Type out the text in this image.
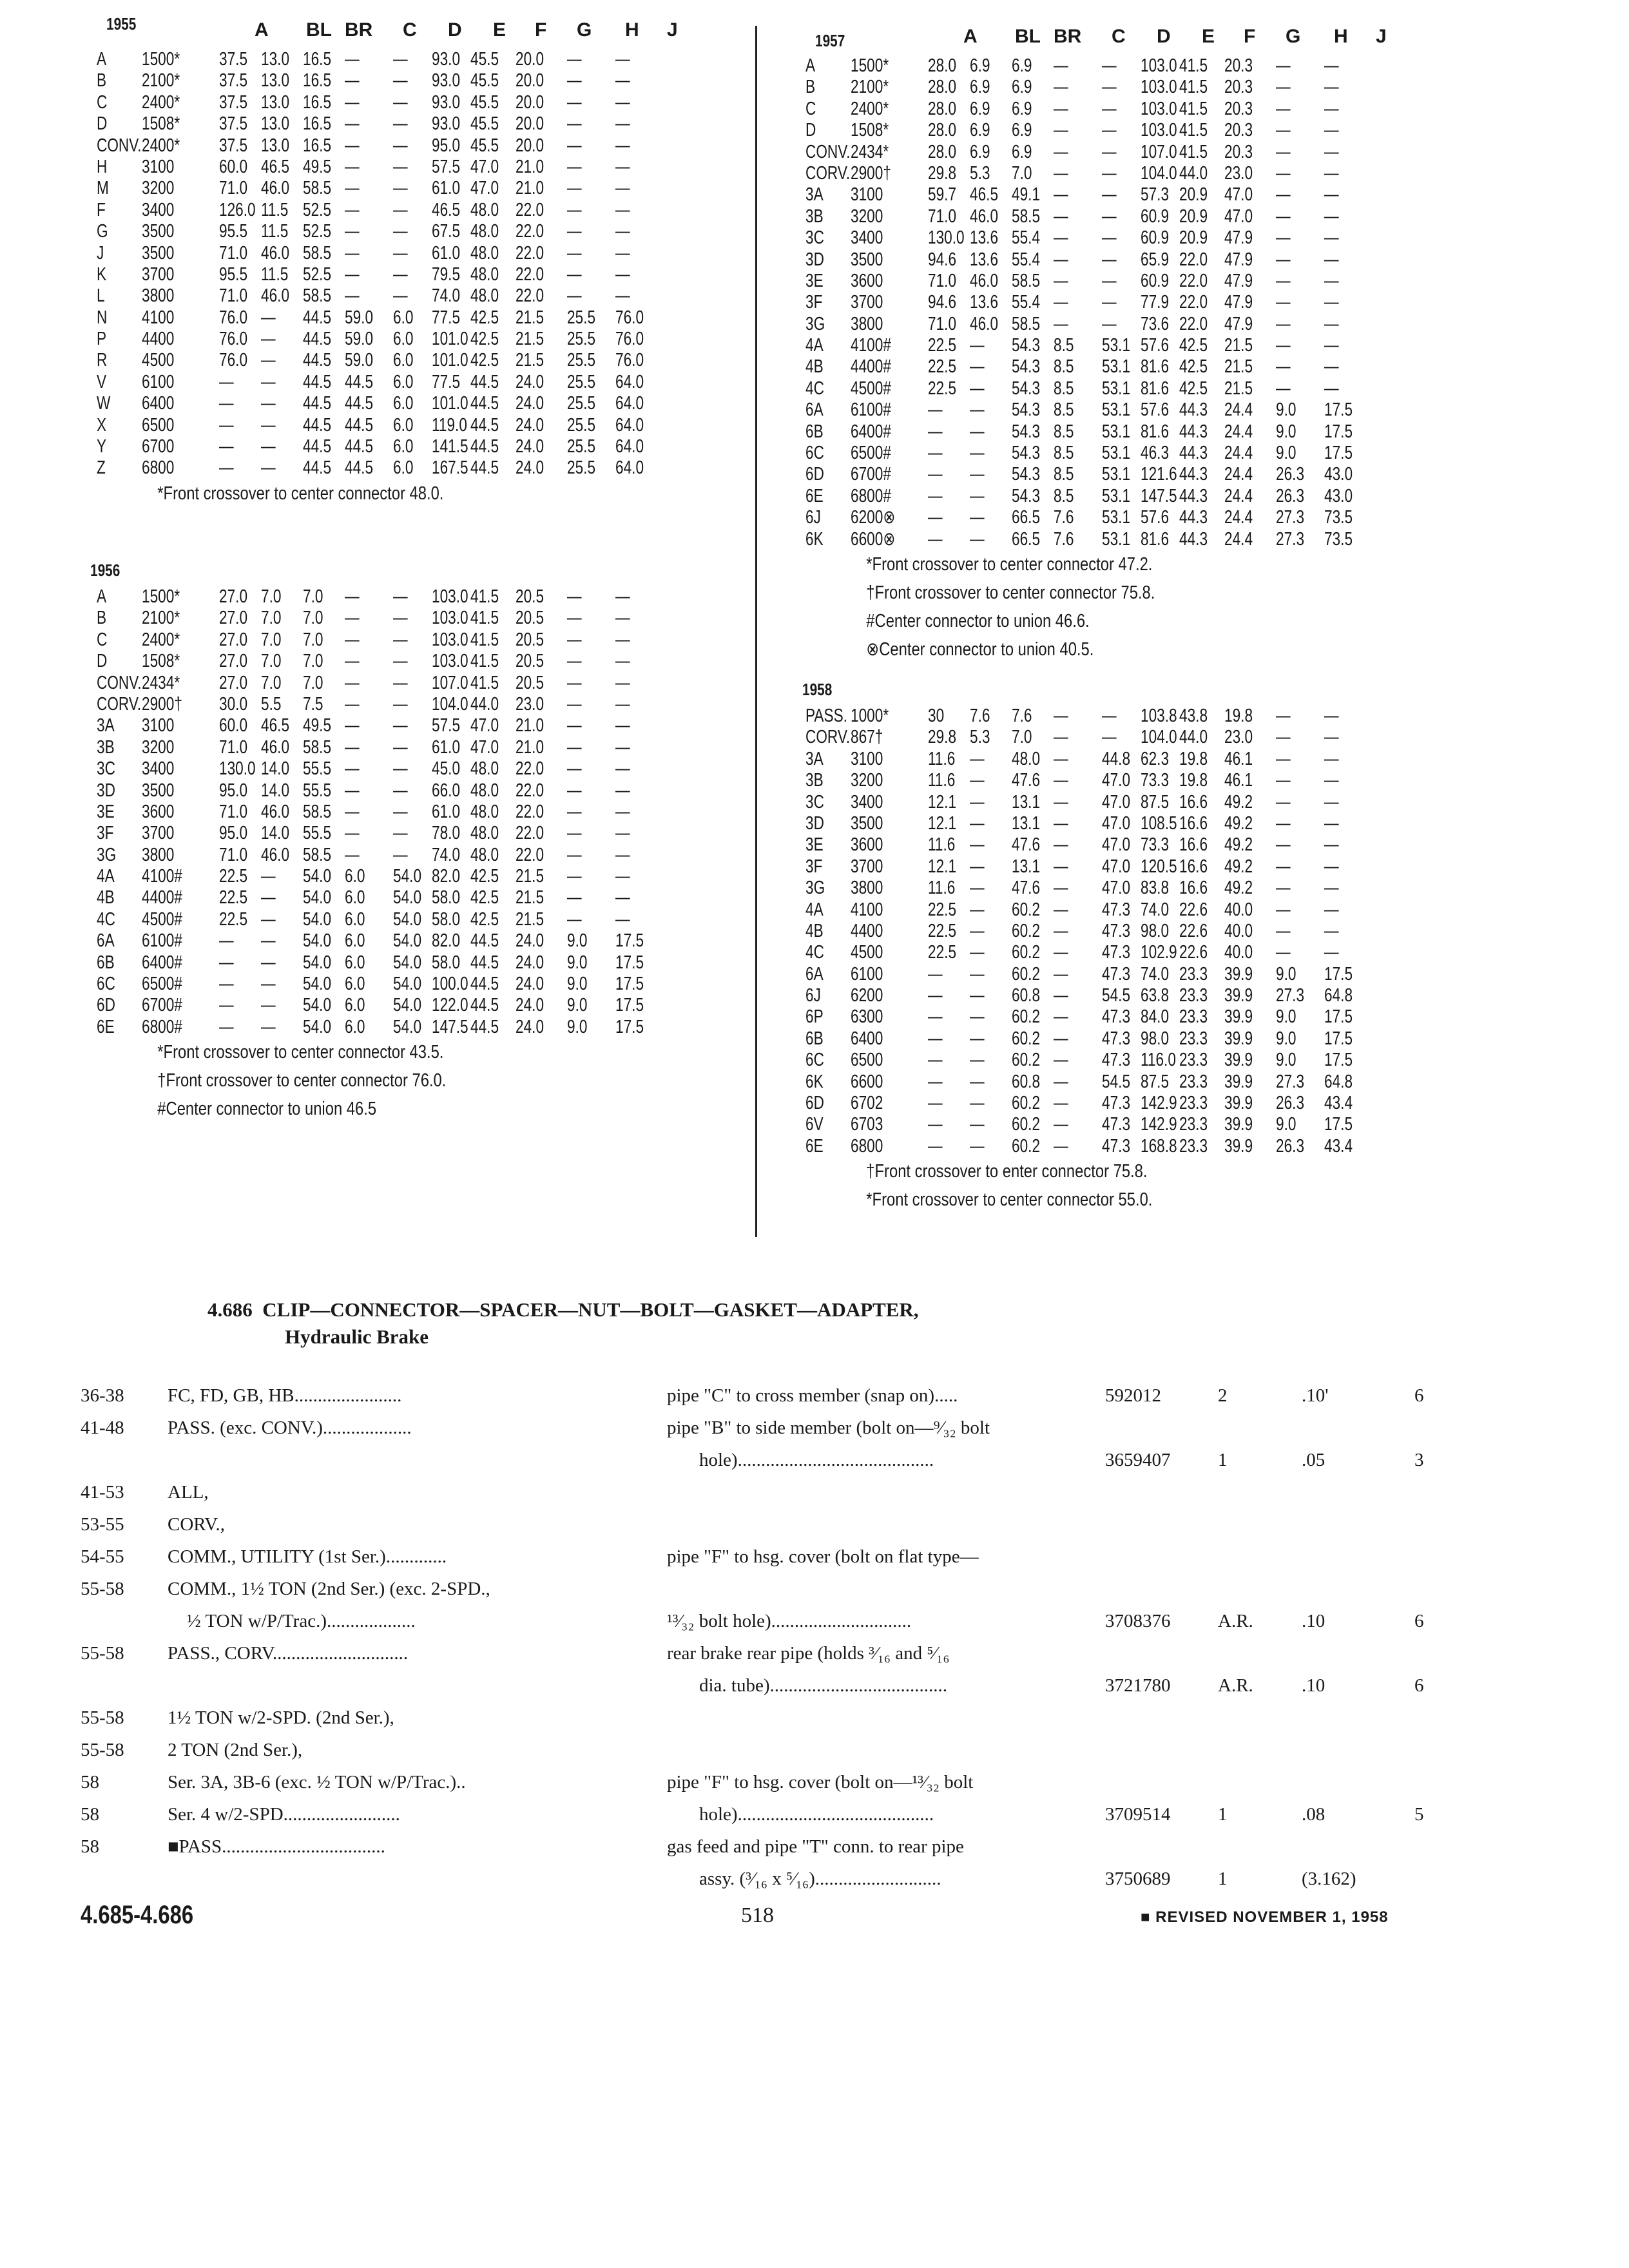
1955	A BL BR C D E F G H J
A 1500* 37.5 13.0 16.5 — — 93.0 45.5 20.0 — —
B 2100* 37.5 13.0 16.5 — — 93.0 45.5 20.0 — —
C 2400* 37.5 13.0 16.5 — — 93.0 45.5 20.0 — —
D 1508* 37.5 13.0 16.5 — — 93.0 45.5 20.0 — —
CONV. 2400* 37.5 13.0 16.5 — — 95.0 45.5 20.0 — —
H 3100 60.0 46.5 49.5 — — 57.5 47.0 21.0 — —
M 3200 71.0 46.0 58.5 — — 61.0 47.0 21.0 — —
F 3400 126.0 11.5 52.5 — — 46.5 48.0 22.0 — —
G 3500 95.5 11.5 52.5 — — 67.5 48.0 22.0 — —
J 3500 71.0 46.0 58.5 — — 61.0 48.0 22.0 — —
K 3700 95.5 11.5 52.5 — — 79.5 48.0 22.0 — —
L 3800 71.0 46.0 58.5 — — 74.0 48.0 22.0 — —
N 4100 76.0 — 44.5 59.0 6.0 77.5 42.5 21.5 25.5 76.0
P 4400 76.0 — 44.5 59.0 6.0 101.0 42.5 21.5 25.5 76.0
R 4500 76.0 — 44.5 59.0 6.0 101.0 42.5 21.5 25.5 76.0
V 6100 — — 44.5 44.5 6.0 77.5 44.5 24.0 25.5 64.0
W 6400 — — 44.5 44.5 6.0 101.0 44.5 24.0 25.5 64.0
X 6500 — — 44.5 44.5 6.0 119.0 44.5 24.0 25.5 64.0
Y 6700 — — 44.5 44.5 6.0 141.5 44.5 24.0 25.5 64.0
Z 6800 — — 44.5 44.5 6.0 167.5 44.5 24.0 25.5 64.0
*Front crossover to center connector 48.0.
1956
A 1500* 27.0 7.0 7.0 — — 103.0 41.5 20.5 — —
B 2100* 27.0 7.0 7.0 — — 103.0 41.5 20.5 — —
C 2400* 27.0 7.0 7.0 — — 103.0 41.5 20.5 — —
D 1508* 27.0 7.0 7.0 — — 103.0 41.5 20.5 — —
CONV. 2434* 27.0 7.0 7.0 — — 107.0 41.5 20.5 — —
CORV. 2900† 30.0 5.5 7.5 — — 104.0 44.0 23.0 — —
3A 3100 60.0 46.5 49.5 — — 57.5 47.0 21.0 — —
3B 3200 71.0 46.0 58.5 — — 61.0 47.0 21.0 — —
3C 3400 130.0 14.0 55.5 — — 45.0 48.0 22.0 — —
3D 3500 95.0 14.0 55.5 — — 66.0 48.0 22.0 — —
3E 3600 71.0 46.0 58.5 — — 61.0 48.0 22.0 — —
3F 3700 95.0 14.0 55.5 — — 78.0 48.0 22.0 — —
3G 3800 71.0 46.0 58.5 — — 74.0 48.0 22.0 — —
4A 4100# 22.5 — 54.0 6.0 54.0 82.0 42.5 21.5 — —
4B 4400# 22.5 — 54.0 6.0 54.0 58.0 42.5 21.5 — —
4C 4500# 22.5 — 54.0 6.0 54.0 58.0 42.5 21.5 — —
6A 6100# — — 54.0 6.0 54.0 82.0 44.5 24.0 9.0 17.5
6B 6400# — — 54.0 6.0 54.0 58.0 44.5 24.0 9.0 17.5
6C 6500# — — 54.0 6.0 54.0 100.0 44.5 24.0 9.0 17.5
6D 6700# — — 54.0 6.0 54.0 122.0 44.5 24.0 9.0 17.5
6E 6800# — — 54.0 6.0 54.0 147.5 44.5 24.0 9.0 17.5
*Front crossover to center connector 43.5.
†Front crossover to center connector 76.0.
#Center connector to union 46.5
1957	A BL BR C D E F G H J
A 1500* 28.0 6.9 6.9 — — 103.0 41.5 20.3 — —
B 2100* 28.0 6.9 6.9 — — 103.0 41.5 20.3 — —
C 2400* 28.0 6.9 6.9 — — 103.0 41.5 20.3 — —
D 1508* 28.0 6.9 6.9 — — 103.0 41.5 20.3 — —
CONV. 2434* 28.0 6.9 6.9 — — 107.0 41.5 20.3 — —
CORV. 2900† 29.8 5.3 7.0 — — 104.0 44.0 23.0 — —
3A 3100 59.7 46.5 49.1 — — 57.3 20.9 47.0 — —
3B 3200 71.0 46.0 58.5 — — 60.9 20.9 47.0 — —
3C 3400 130.0 13.6 55.4 — — 60.9 20.9 47.9 — —
3D 3500 94.6 13.6 55.4 — — 65.9 22.0 47.9 — —
3E 3600 71.0 46.0 58.5 — — 60.9 22.0 47.9 — —
3F 3700 94.6 13.6 55.4 — — 77.9 22.0 47.9 — —
3G 3800 71.0 46.0 58.5 — — 73.6 22.0 47.9 — —
4A 4100# 22.5 — 54.3 8.5 53.1 57.6 42.5 21.5 — —
4B 4400# 22.5 — 54.3 8.5 53.1 81.6 42.5 21.5 — —
4C 4500# 22.5 — 54.3 8.5 53.1 81.6 42.5 21.5 — —
6A 6100# — — 54.3 8.5 53.1 57.6 44.3 24.4 9.0 17.5
6B 6400# — — 54.3 8.5 53.1 81.6 44.3 24.4 9.0 17.5
6C 6500# — — 54.3 8.5 53.1 46.3 44.3 24.4 9.0 17.5
6D 6700# — — 54.3 8.5 53.1 121.6 44.3 24.4 26.3 43.0
6E 6800# — — 54.3 8.5 53.1 147.5 44.3 24.4 26.3 43.0
6J 6200⊗ — — 66.5 7.6 53.1 57.6 44.3 24.4 27.3 73.5
6K 6600⊗ — — 66.5 7.6 53.1 81.6 44.3 24.4 27.3 73.5
*Front crossover to center connector 47.2.
†Front crossover to center connector 75.8.
#Center connector to union 46.6.
⊗Center connector to union 40.5.
1958
PASS. 1000* 30 7.6 7.6 — — 103.8 43.8 19.8 — —
CORV. 867† 29.8 5.3 7.0 — — 104.0 44.0 23.0 — —
3A 3100 11.6 — 48.0 — 44.8 62.3 19.8 46.1 — —
3B 3200 11.6 — 47.6 — 47.0 73.3 19.8 46.1 — —
3C 3400 12.1 — 13.1 — 47.0 87.5 16.6 49.2 — —
3D 3500 12.1 — 13.1 — 47.0 108.5 16.6 49.2 — —
3E 3600 11.6 — 47.6 — 47.0 73.3 16.6 49.2 — —
3F 3700 12.1 — 13.1 — 47.0 120.5 16.6 49.2 — —
3G 3800 11.6 — 47.6 — 47.0 83.8 16.6 49.2 — —
4A 4100 22.5 — 60.2 — 47.3 74.0 22.6 40.0 — —
4B 4400 22.5 — 60.2 — 47.3 98.0 22.6 40.0 — —
4C 4500 22.5 — 60.2 — 47.3 102.9 22.6 40.0 — —
6A 6100 — — 60.2 — 47.3 74.0 23.3 39.9 9.0 17.5
6J 6200 — — 60.8 — 54.5 63.8 23.3 39.9 27.3 64.8
6P 6300 — — 60.2 — 47.3 84.0 23.3 39.9 9.0 17.5
6B 6400 — — 60.2 — 47.3 98.0 23.3 39.9 9.0 17.5
6C 6500 — — 60.2 — 47.3 116.0 23.3 39.9 9.0 17.5
6K 6600 — — 60.8 — 54.5 87.5 23.3 39.9 27.3 64.8
6D 6702 — — 60.2 — 47.3 142.9 23.3 39.9 26.3 43.4
6V 6703 — — 60.2 — 47.3 142.9 23.3 39.9 9.0 17.5
6E 6800 — — 60.2 — 47.3 168.8 23.3 39.9 26.3 43.4
†Front crossover to enter connector 75.8.
*Front crossover to center connector 55.0.
4.686 CLIP—CONNECTOR—SPACER—NUT—BOLT—GASKET—ADAPTER,
Hydraulic Brake
36-38 FC, FD, GB, HB.......................	pipe "C" to cross member (snap on).....	592012	2	.10'	6
41-48 PASS. (exc. CONV.)...................	pipe "B" to side member (bolt on—⁹⁄₃₂ bolt
hole)..........................................	3659407	1	.05	3
41-53 ALL,
53-55 CORV.,
54-55 COMM., UTILITY (1st Ser.).............	pipe "F" to hsg. cover (bolt on flat type—
55-58 COMM., 1½ TON (2nd Ser.) (exc. 2-SPD.,
½ TON w/P/Trac.)...................	¹³⁄₃₂ bolt hole)..............................	3708376	A.R.	.10	6
55-58 PASS., CORV.............................	rear brake rear pipe (holds ³⁄₁₆ and ⁵⁄₁₆
dia. tube)......................................	3721780	A.R.	.10	6
55-58 1½ TON w/2-SPD. (2nd Ser.),
55-58 2 TON (2nd Ser.),
58	Ser. 3A, 3B-6 (exc. ½ TON w/P/Trac.)..	pipe "F" to hsg. cover (bolt on—¹³⁄₃₂ bolt
58	Ser. 4 w/2-SPD.........................	hole)..........................................	3709514	1	.08	5
58	■PASS...................................	gas feed and pipe "T" conn. to rear pipe
assy. (³⁄₁₆ x ⁵⁄₁₆)...........................	3750689	1	(3.162)
4.685-4.686	518	■ REVISED NOVEMBER 1, 1958
